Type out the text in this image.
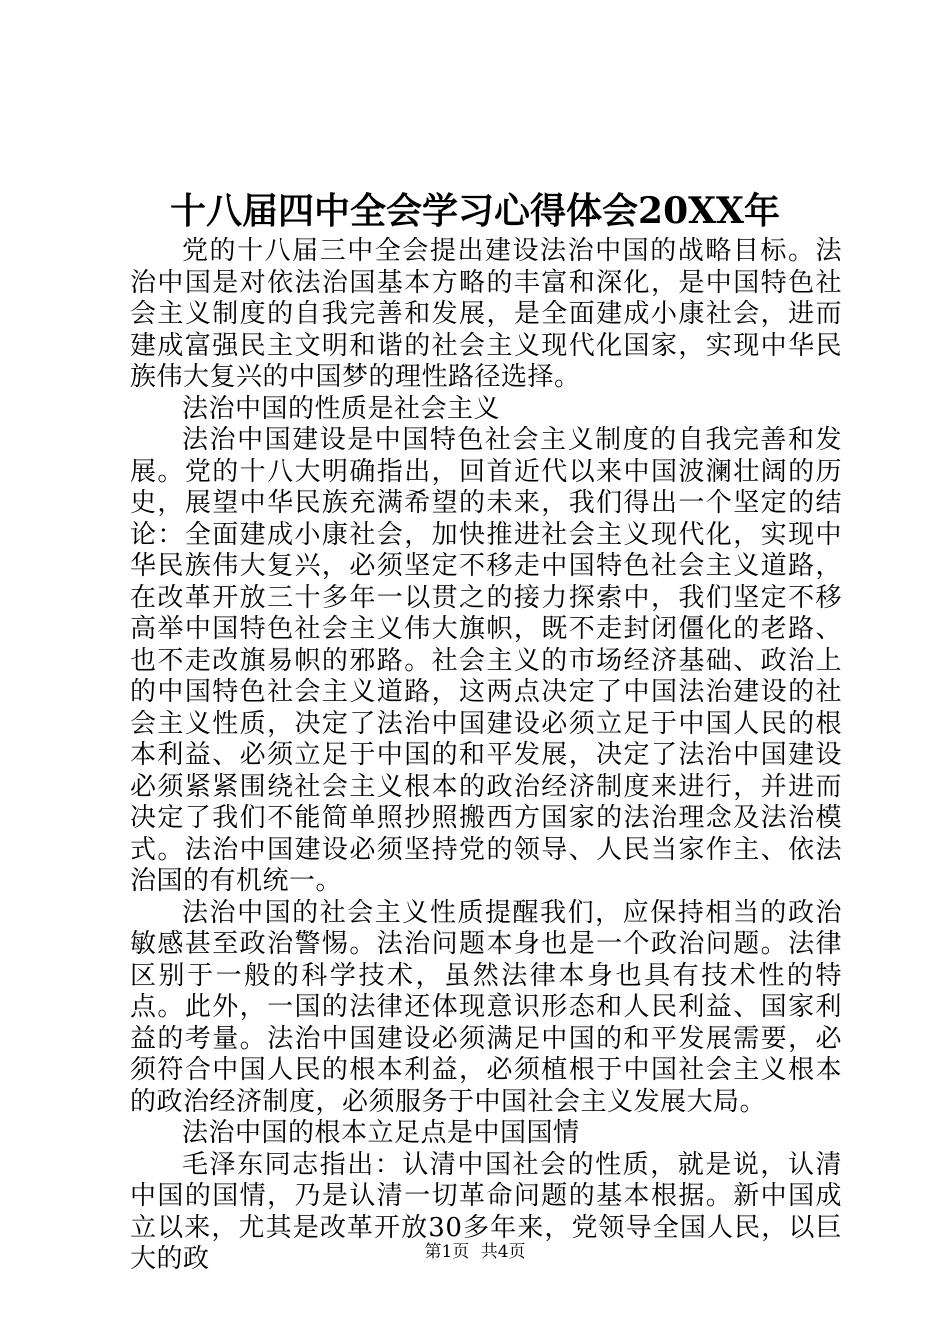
十八届四中全会学习心得体会20XX年

党的十八届三中全会提出建设法治中国的战略目标。法治中国是对依法治国基本方略的丰富和深化，是中国特色社会主义制度的自我完善和发展，是全面建成小康社会，进而建成富强民主文明和谐的社会主义现代化国家，实现中华民族伟大复兴的中国梦的理性路径选择。

法治中国的性质是社会主义

法治中国建设是中国特色社会主义制度的自我完善和发展。党的十八大明确指出，回首近代以来中国波澜壮阔的历史，展望中华民族充满希望的未来，我们得出一个坚定的结论：全面建成小康社会，加快推进社会主义现代化，实现中华民族伟大复兴，必须坚定不移走中国特色社会主义道路，在改革开放三十多年一以贯之的接力探索中，我们坚定不移高举中国特色社会主义伟大旗帜，既不走封闭僵化的老路、也不走改旗易帜的邪路。社会主义的市场经济基础、政治上的中国特色社会主义道路，这两点决定了中国法治建设的社会主义性质，决定了法治中国建设必须立足于中国人民的根本利益、必须立足于中国的和平发展，决定了法治中国建设必须紧紧围绕社会主义根本的政治经济制度来进行，并进而决定了我们不能简单照抄照搬西方国家的法治理念及法治模式。法治中国建设必须坚持党的领导、人民当家作主、依法治国的有机统一。

法治中国的社会主义性质提醒我们，应保持相当的政治敏感甚至政治警惕。法治问题本身也是一个政治问题。法律区别于一般的科学技术，虽然法律本身也具有技术性的特点。此外，一国的法律还体现意识形态和人民利益、国家利益的考量。法治中国建设必须满足中国的和平发展需要，必须符合中国人民的根本利益，必须植根于中国社会主义根本的政治经济制度，必须服务于中国社会主义发展大局。

法治中国的根本立足点是中国国情

毛泽东同志指出：认清中国社会的性质，就是说，认清中国的国情，乃是认清一切革命问题的基本根据。新中国成立以来，尤其是改革开放30多年来，党领导全国人民，以巨大的政	第1页 共4页
